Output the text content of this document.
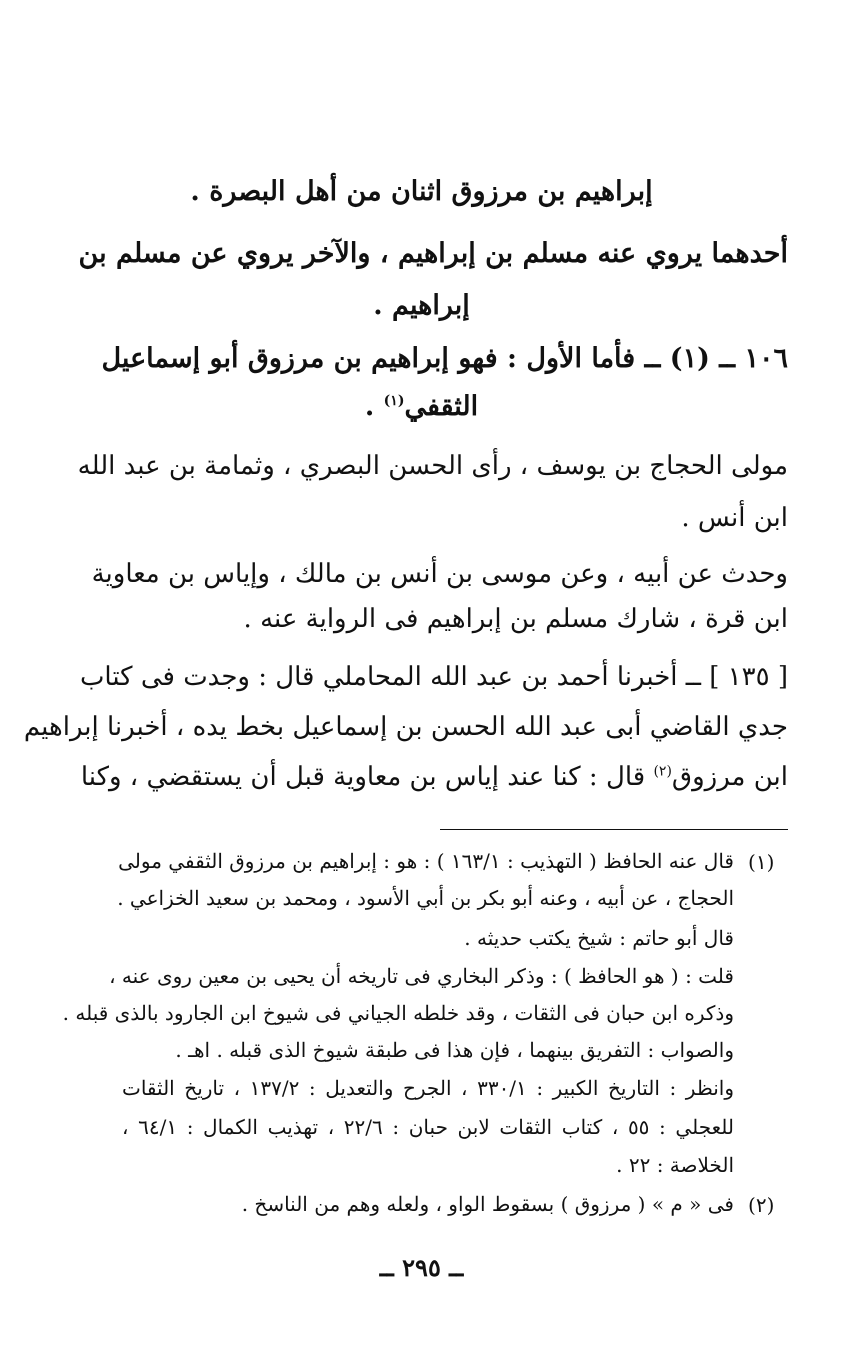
إبراهيم بن مرزوق اثنان من أهل البصرة .
أحدهما يروي عنه مسلم بن إبراهيم ، والآخر يروي عن مسلم بن
إبراهيم .
١٠٦ ــ (١) ــ فأما الأول : فهو إبراهيم بن مرزوق أبو إسماعيل
الثقفي$^{(١)}$ .
مولى الحجاج بن يوسف ، رأى الحسن البصري ، وثمامة بن عبد الله
ابن أنس .
وحدث عن أبيه ، وعن موسى بن أنس بن مالك ، وإياس بن معاوية
ابن قرة ، شارك مسلم بن إبراهيم فى الرواية عنه .
[ ١٣٥ ] ــ أخبرنا أحمد بن عبد الله المحاملي قال : وجدت فى كتاب
جدي القاضي أبى عبد الله الحسن بن إسماعيل بخط يده ، أخبرنا إبراهيم
ابن مرزوق$^{(٢)}$ قال : كنا عند إياس بن معاوية قبل أن يستقضي ، وكنا
(١)
قال عنه الحافظ ( التهذيب : ١٦٣/١ ) : هو : إبراهيم بن مرزوق الثقفي مولى
الحجاج ، عن أبيه ، وعنه أبو بكر بن أبي الأسود ، ومحمد بن سعيد الخزاعي .
قال أبو حاتم : شيخ يكتب حديثه .
قلت : ( هو الحافظ ) : وذكر البخاري فى تاريخه أن يحيى بن معين روى عنه ،
وذكره ابن حبان فى الثقات ، وقد خلطه الجياني فى شيوخ ابن الجارود بالذى قبله .
والصواب : التفريق بينهما ، فإن هذا فى طبقة شيوخ الذى قبله . اهـ .
وانظر : التاريخ الكبير : ٣٣٠/١ ، الجرح والتعديل : ١٣٧/٢ ، تاريخ الثقات
للعجلي : ٥٥ ، كتاب الثقات لابن حبان : ٢٢/٦ ، تهذيب الكمال : ٦٤/١ ،
الخلاصة : ٢٢ .
(٢)
فى « م » ( مرزوق ) بسقوط الواو ، ولعله وهم من الناسخ .
ــ ٢٩٥ ــ
